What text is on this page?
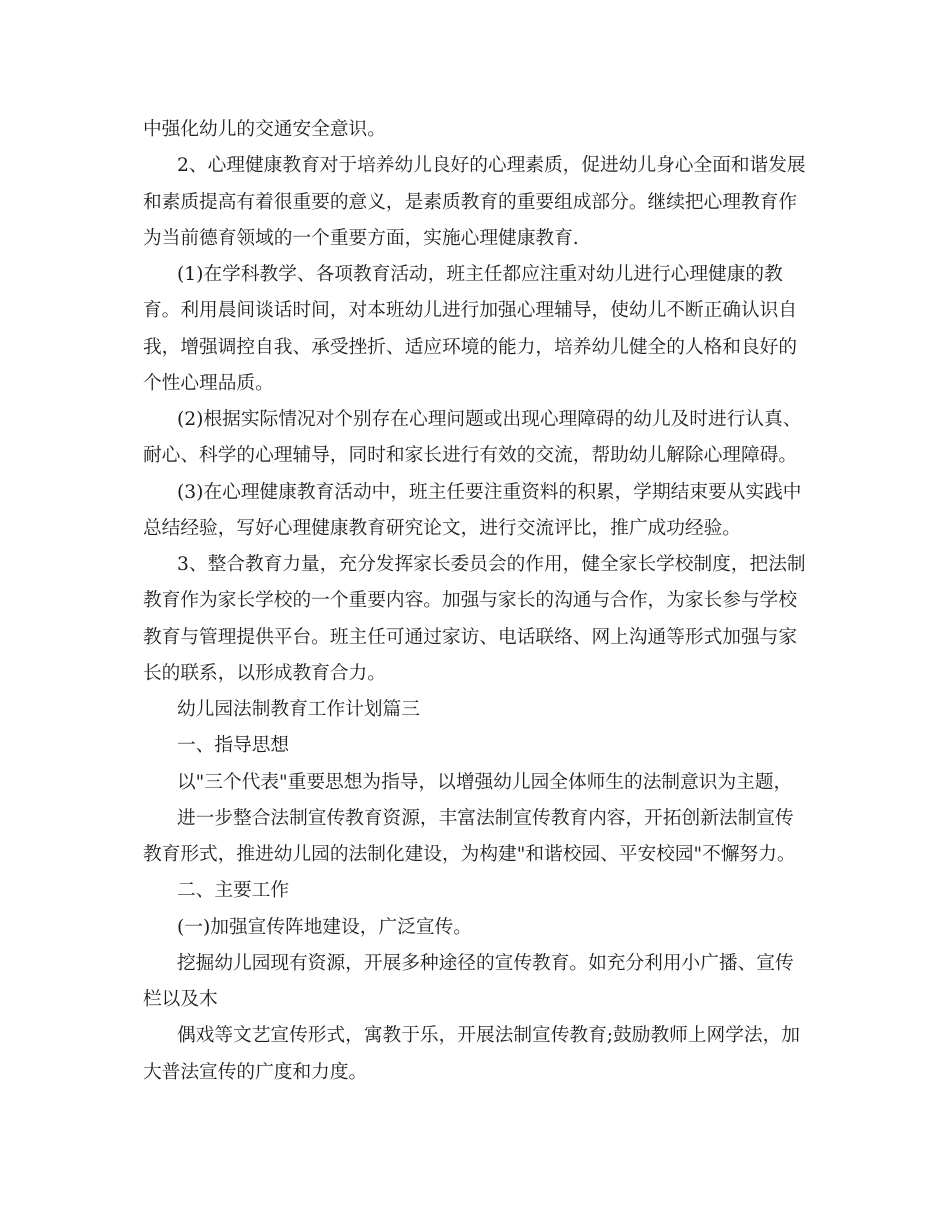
中强化幼儿的交通安全意识。
2、心理健康教育对于培养幼儿良好的心理素质，促进幼儿身心全面和谐发展
和素质提高有着很重要的意义，是素质教育的重要组成部分。继续把心理教育作
为当前德育领域的一个重要方面，实施心理健康教育.
(1)在学科教学、各项教育活动，班主任都应注重对幼儿进行心理健康的教
育。利用晨间谈话时间，对本班幼儿进行加强心理辅导，使幼儿不断正确认识自
我，增强调控自我、承受挫折、适应环境的能力，培养幼儿健全的人格和良好的
个性心理品质。
(2)根据实际情况对个别存在心理问题或出现心理障碍的幼儿及时进行认真、
耐心、科学的心理辅导，同时和家长进行有效的交流，帮助幼儿解除心理障碍。
(3)在心理健康教育活动中，班主任要注重资料的积累，学期结束要从实践中
总结经验，写好心理健康教育研究论文，进行交流评比，推广成功经验。
3、整合教育力量，充分发挥家长委员会的作用，健全家长学校制度，把法制
教育作为家长学校的一个重要内容。加强与家长的沟通与合作，为家长参与学校
教育与管理提供平台。班主任可通过家访、电话联络、网上沟通等形式加强与家
长的联系，以形成教育合力。
幼儿园法制教育工作计划篇三
一、指导思想
以"三个代表"重要思想为指导，以增强幼儿园全体师生的法制意识为主题，
进一步整合法制宣传教育资源，丰富法制宣传教育内容，开拓创新法制宣传
教育形式，推进幼儿园的法制化建设，为构建"和谐校园、平安校园"不懈努力。
二、主要工作
(一)加强宣传阵地建设，广泛宣传。
挖掘幼儿园现有资源，开展多种途径的宣传教育。如充分利用小广播、宣传
栏以及木
偶戏等文艺宣传形式，寓教于乐，开展法制宣传教育;鼓励教师上网学法，加
大普法宣传的广度和力度。
